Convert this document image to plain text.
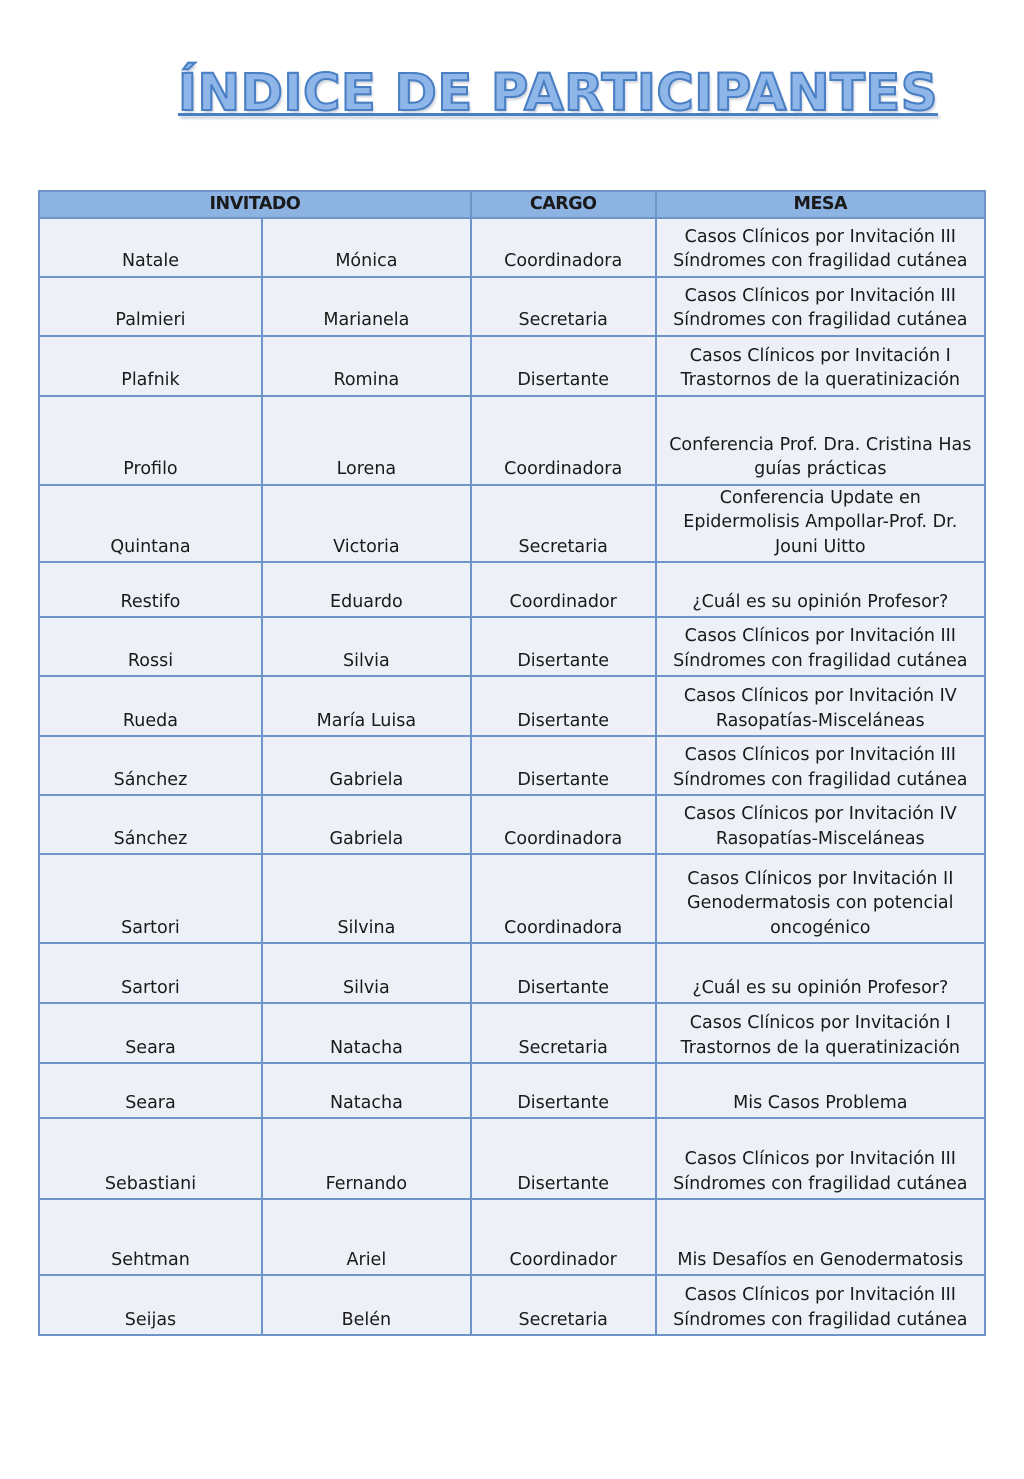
ÍNDICE DE PARTICIPANTES
INVITADO		CARGO	MESA
Natale	Mónica	Coordinadora	Casos Clínicos por Invitación III
Síndromes con fragilidad cutánea

Palmieri	Marianela	Secretaria	Casos Clínicos por Invitación III
Síndromes con fragilidad cutánea

Plafnik	Romina	Disertante	Casos Clínicos por Invitación I
Trastornos de la queratinización

Profilo	Lorena	Coordinadora	Conferencia Prof. Dra. Cristina Has
guías prácticas

Quintana	Victoria	Secretaria	Conferencia Update en
Epidermolisis Ampollar-Prof. Dr.
Jouni Uitto

Restifo	Eduardo	Coordinador	¿Cuál es su opinión Profesor?

Rossi	Silvia	Disertante	Casos Clínicos por Invitación III
Síndromes con fragilidad cutánea

Rueda	María Luisa	Disertante	Casos Clínicos por Invitación IV
Rasopatías-Misceláneas

Sánchez	Gabriela	Disertante	Casos Clínicos por Invitación III
Síndromes con fragilidad cutánea

Sánchez	Gabriela	Coordinadora	Casos Clínicos por Invitación IV
Rasopatías-Misceláneas

Sartori	Silvina	Coordinadora	Casos Clínicos por Invitación II
Genodermatosis con potencial
oncogénico

Sartori	Silvia	Disertante	¿Cuál es su opinión Profesor?

Seara	Natacha	Secretaria	Casos Clínicos por Invitación I
Trastornos de la queratinización

Seara	Natacha	Disertante	Mis Casos Problema

Sebastiani	Fernando	Disertante	Casos Clínicos por Invitación III
Síndromes con fragilidad cutánea

Sehtman	Ariel	Coordinador	Mis Desafíos en Genodermatosis

Seijas	Belén	Secretaria	Casos Clínicos por Invitación III
Síndromes con fragilidad cutánea
